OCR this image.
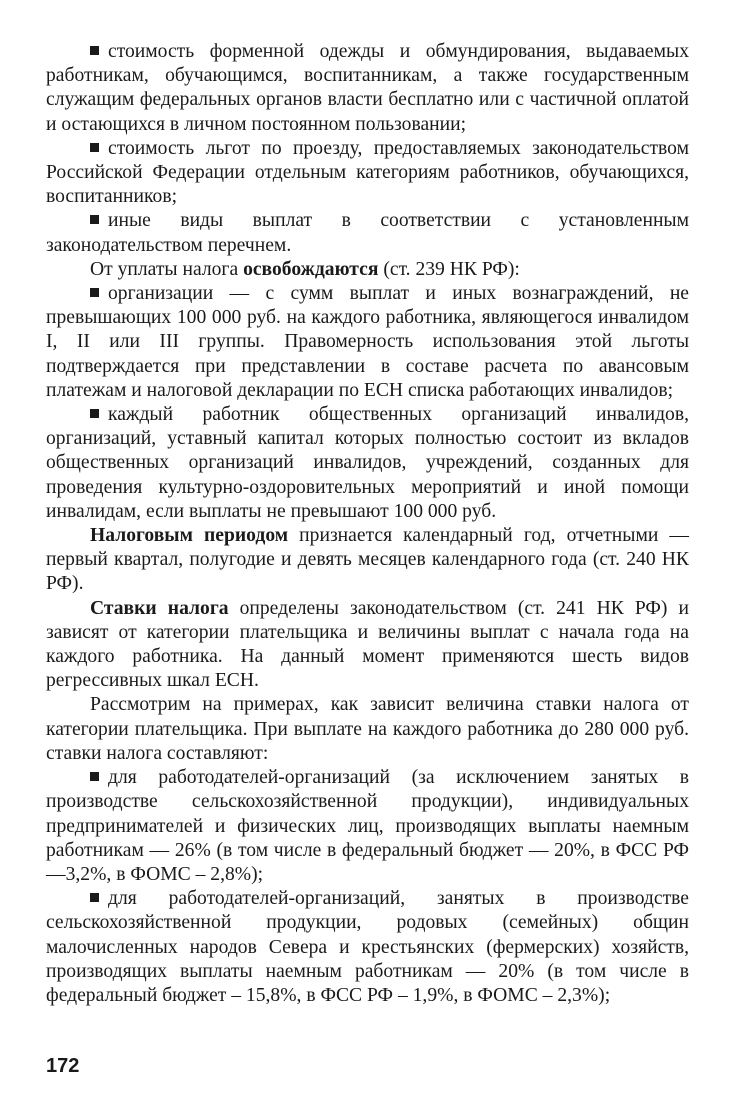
стоимость форменной одежды и обмундирования, выдаваемых работникам, обучающимся, воспитанникам, а также государственным служащим федеральных органов власти бесплатно или с частичной оплатой и остающихся в личном постоянном пользовании;

стоимость льгот по проезду, предоставляемых законодательством Российской Федерации отдельным категориям работников, обучающихся, воспитанников;

иные виды выплат в соответствии с установленным законодательством перечнем.

От уплаты налога освобождаются (ст. 239 НК РФ):

организации — с сумм выплат и иных вознаграждений, не превышающих 100 000 руб. на каждого работника, являющегося инвалидом I, II или III группы. Правомерность использования этой льготы подтверждается при представлении в составе расчета по авансовым платежам и налоговой декларации по ЕСН списка работающих инвалидов;

каждый работник общественных организаций инвалидов, организаций, уставный капитал которых полностью состоит из вкладов общественных организаций инвалидов, учреждений, созданных для проведения культурно-оздоровительных мероприятий и иной помощи инвалидам, если выплаты не превышают 100 000 руб.

Налоговым периодом признается календарный год, отчетными — первый квартал, полугодие и девять месяцев календарного года (ст. 240 НК РФ).

Ставки налога определены законодательством (ст. 241 НК РФ) и зависят от категории плательщика и величины выплат с начала года на каждого работника. На данный момент применяются шесть видов регрессивных шкал ЕСН.

Рассмотрим на примерах, как зависит величина ставки налога от категории плательщика. При выплате на каждого работника до 280 000 руб. ставки налога составляют:

для работодателей-организаций (за исключением занятых в производстве сельскохозяйственной продукции), индивидуальных предпринимателей и физических лиц, производящих выплаты наемным работникам — 26% (в том числе в федеральный бюджет — 20%, в ФСС РФ —3,2%, в ФОМС – 2,8%);

для работодателей-организаций, занятых в производстве сельскохозяйственной продукции, родовых (семейных) общин малочисленных народов Севера и крестьянских (фермерских) хозяйств, производящих выплаты наемным работникам — 20% (в том числе в федеральный бюджет – 15,8%, в ФСС РФ – 1,9%, в ФОМС – 2,3%);

172
